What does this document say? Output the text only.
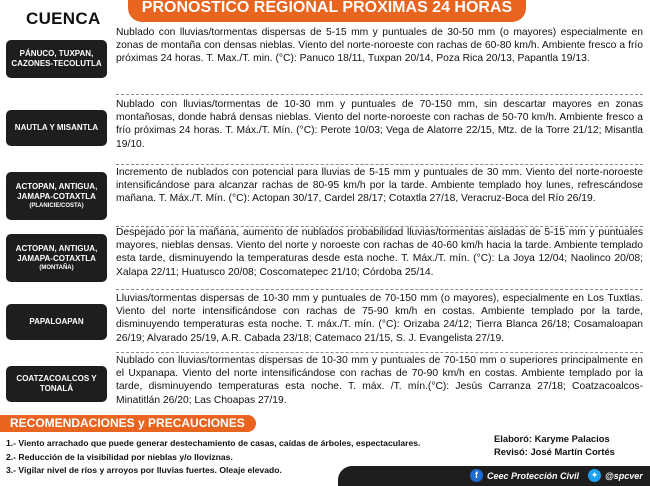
CUENCA
PRONÓSTICO REGIONAL PRÓXIMAS 24 HORAS
PÁNUCO, TUXPAN, CAZONES-TECOLUTLA
Nublado con lluvias/tormentas dispersas de 5-15 mm y puntuales de 30-50 mm (o mayores) especialmente en zonas de montaña con densas nieblas. Viento del norte-noroeste con rachas de 60-80 km/h. Ambiente fresco a frío próximas 24 horas. T. Max./T. min. (°C): Panuco 18/11, Tuxpan 20/14, Poza Rica 20/13, Papantla 19/13.
NAUTLA Y MISANTLA
Nublado con lluvias/tormentas de 10-30 mm y puntuales de 70-150 mm, sin descartar mayores en zonas montañosas, donde habrá densas nieblas. Viento del norte-noroeste con rachas de 50-70 km/h. Ambiente fresco a frío próximas 24 horas. T. Máx./T. Mín. (°C): Perote 10/03; Vega de Alatorre 22/15, Mtz. de la Torre 21/12; Misantla 19/10.
ACTOPAN, ANTIGUA, JAMAPA-COTAXTLA
(PLANICIE/COSTA)
Incremento de nublados con potencial para lluvias de 5-15 mm y puntuales de 30 mm. Viento del norte-noroeste intensificándose para alcanzar rachas de 80-95 km/h por la tarde. Ambiente templado hoy lunes, refrescándose mañana. T. Máx./T. Mín. (°C): Actopan 30/17, Cardel 28/17; Cotaxtla 27/18, Veracruz-Boca del Río 26/19.
ACTOPAN, ANTIGUA, JAMAPA-COTAXTLA
(MONTAÑA)
Despejado por la mañana, aumento de nublados probabilidad lluvias/tormentas aisladas de 5-15 mm y puntuales mayores, nieblas densas. Viento del norte y noroeste con rachas de 40-60 km/h hacia la tarde. Ambiente templado esta tarde, disminuyendo la temperaturas desde esta noche. T. Máx./T. mín. (°C): La Joya 12/04; Naolinco 20/08; Xalapa 22/11; Huatusco 20/08; Coscomatepec 21/10; Córdoba 25/14.
PAPALOAPAN
Lluvias/tormentas dispersas de 10-30 mm y puntuales de 70-150 mm (o mayores), especialmente en Los Tuxtlas. Viento del norte intensificándose con rachas de 75-90 km/h en costas. Ambiente templado por la tarde, disminuyendo temperaturas esta noche. T. máx./T. mín. (°C): Orizaba 24/12; Tierra Blanca 26/18; Cosamaloapan 26/19; Alvarado 25/19, A.R. Cabada 23/18; Catemaco 21/15, S. J. Evangelista 27/19.
COATZACOALCOS Y TONALÁ
Nublado con lluvias/tormentas dispersas de 10-30 mm y puntuales de 70-150 mm o superiores principalmente en el Uxpanapa. Viento del norte intensificándose con rachas de 70-90 km/h en costas. Ambiente templado por la tarde, disminuyendo temperaturas esta noche. T. máx. /T. mín.(°C): Jesús Carranza 27/18; Coatzacoalcos-Minatitlán 26/20; Las Choapas 27/19.
RECOMENDACIONES y PRECAUCIONES
1.- Viento arrachado que puede generar destechamiento de casas, caídas de árboles, espectaculares.
2.- Reducción de la visibilidad por nieblas y/o llovíznas.
3.- Vigilar nivel de ríos y arroyos por lluvias fuertes. Oleaje elevado.
Elaboró: Karyme Palacios
Revisó: José Martín Cortés
f	Ceec Protección Civil	✦ @spcver
